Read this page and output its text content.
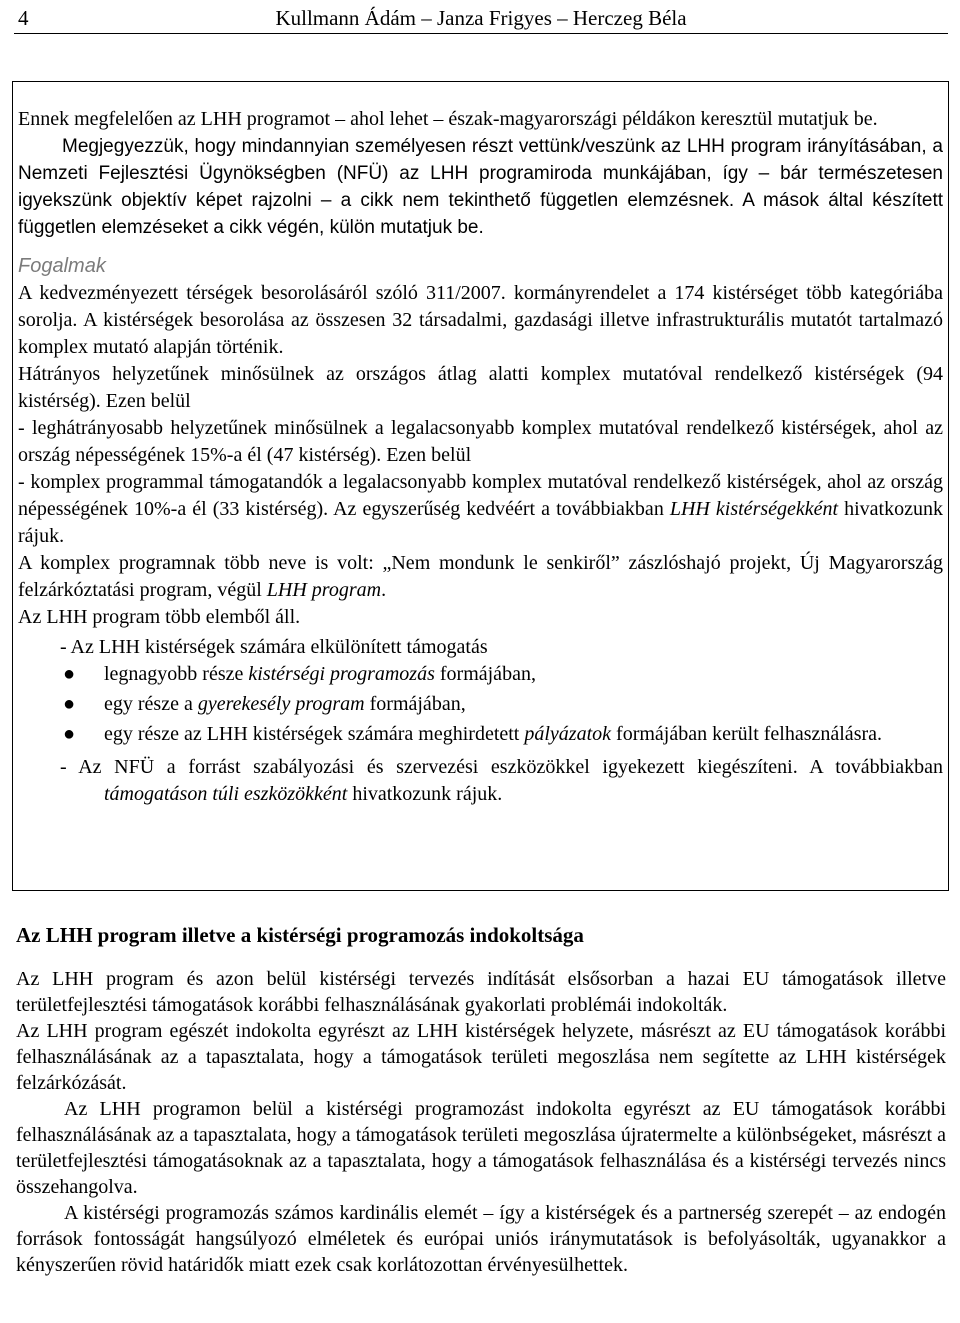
4	Kullmann Ádám – Janza Frigyes – Herczeg Béla

Ennek megfelelően az LHH programot – ahol lehet – észak-magyarországi példákon keresztül mutatjuk be.

Megjegyezzük, hogy mindannyian személyesen részt vettünk/veszünk az LHH program irányításában, a Nemzeti Fejlesztési Ügynökségben (NFÜ) az LHH programiroda munkájában, így – bár természetesen igyekszünk objektív képet rajzolni – a cikk nem tekinthető független elemzésnek. A mások által készített független elemzéseket a cikk végén, külön mutatjuk be.

Fogalmak

A kedvezményezett térségek besorolásáról szóló 311/2007. kormányrendelet a 174 kistérséget több kategóriába sorolja. A kistérségek besorolása az összesen 32 társadalmi, gazdasági illetve infrastrukturális mutatót tartalmazó komplex mutató alapján történik.

Hátrányos helyzetűnek minősülnek az országos átlag alatti komplex mutatóval rendelkező kistérségek (94 kistérség). Ezen belül

- leghátrányosabb helyzetűnek minősülnek a legalacsonyabb komplex mutatóval rendelkező kistérségek, ahol az ország népességének 15%-a él (47 kistérség). Ezen belül

- komplex programmal támogatandók a legalacsonyabb komplex mutatóval rendelkező kistérségek, ahol az ország népességének 10%-a él (33 kistérség). Az egyszerűség kedvéért a továbbiakban LHH kistérségekként hivatkozunk rájuk.

A komplex programnak több neve is volt: „Nem mondunk le senkiről” zászlóshajó projekt, Új Magyarország felzárkóztatási program, végül LHH program.

Az LHH program több elemből áll.

- Az LHH kistérségek számára elkülönített támogatás

● legnagyobb része kistérségi programozás formájában,

● egy része a gyerekesély program formájában,

● egy része az LHH kistérségek számára meghirdetett pályázatok formájában került felhasználásra.

- Az NFÜ a forrást szabályozási és szervezési eszközökkel igyekezett kiegészíteni. A továbbiakban támogatáson túli eszközökként hivatkozunk rájuk.

Az LHH program illetve a kistérségi programozás indokoltsága

Az LHH program és azon belül kistérségi tervezés indítását elsősorban a hazai EU támogatások illetve területfejlesztési támogatások korábbi felhasználásának gyakorlati problémái indokolták.

Az LHH program egészét indokolta egyrészt az LHH kistérségek helyzete, másrészt az EU támogatások korábbi felhasználásának az a tapasztalata, hogy a támogatások területi megoszlása nem segítette az LHH kistérségek felzárkózását.

Az LHH programon belül a kistérségi programozást indokolta egyrészt az EU támogatások korábbi felhasználásának az a tapasztalata, hogy a támogatások területi megoszlása újratermelte a különbségeket, másrészt a területfejlesztési támogatásoknak az a tapasztalata, hogy a támogatások felhasználása és a kistérségi tervezés nincs összehangolva.

A kistérségi programozás számos kardinális elemét – így a kistérségek és a partnerség szerepét – az endogén források fontosságát hangsúlyozó elméletek és európai uniós iránymutatások is befolyásolták, ugyanakkor a kényszerűen rövid határidők miatt ezek csak korlátozottan érvényesülhettek.
